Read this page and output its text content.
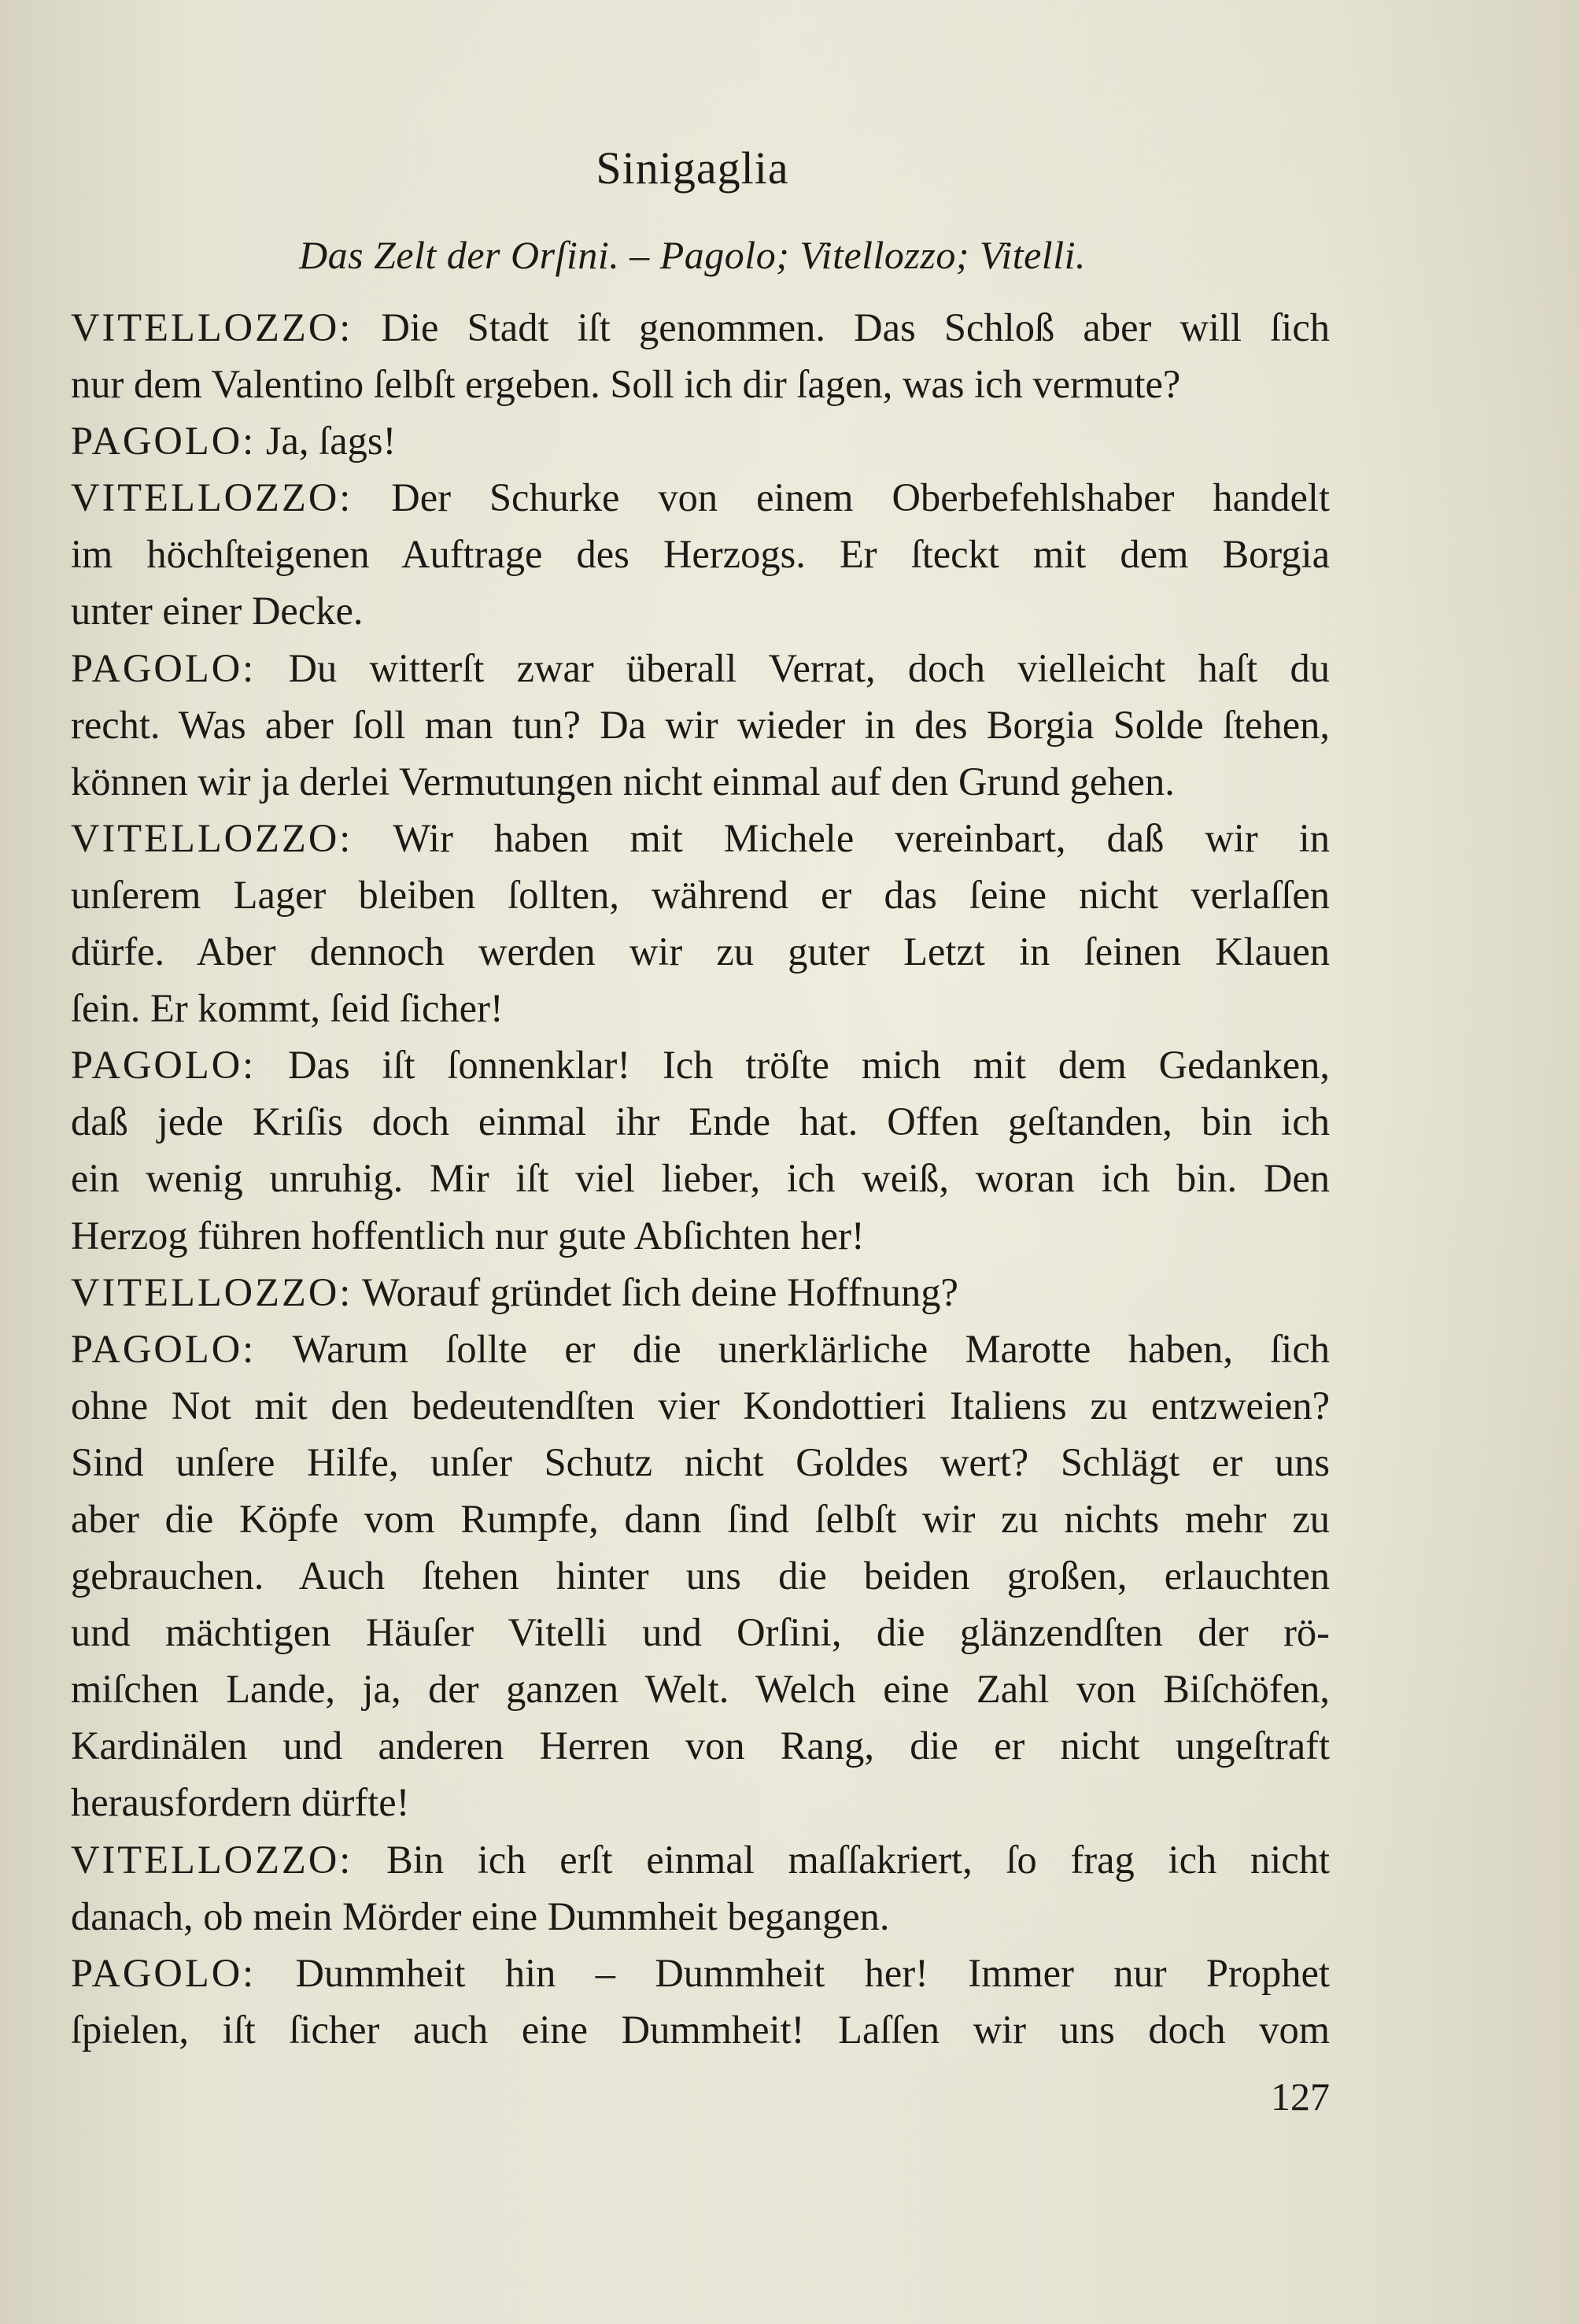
Sinigaglia
Das Zelt der Orſini. – Pagolo; Vitellozzo; Vitelli.
VITELLOZZO: Die Stadt iſt genommen. Das Schloß aber will ſich
nur dem Valentino ſelbſt ergeben. Soll ich dir ſagen, was ich vermute?
PAGOLO: Ja, ſags!
VITELLOZZO: Der Schurke von einem Oberbefehlshaber handelt
im höchſteigenen Auftrage des Herzogs. Er ſteckt mit dem Borgia
unter einer Decke.
PAGOLO: Du witterſt zwar überall Verrat, doch vielleicht haſt du
recht. Was aber ſoll man tun? Da wir wieder in des Borgia Solde ſtehen,
können wir ja derlei Vermutungen nicht einmal auf den Grund gehen.
VITELLOZZO: Wir haben mit Michele vereinbart, daß wir in
unſerem Lager bleiben ſollten, während er das ſeine nicht verlaſſen
dürfe. Aber dennoch werden wir zu guter Letzt in ſeinen Klauen
ſein. Er kommt, ſeid ſicher!
PAGOLO: Das iſt ſonnenklar! Ich tröſte mich mit dem Gedanken,
daß jede Kriſis doch einmal ihr Ende hat. Offen geſtanden, bin ich
ein wenig unruhig. Mir iſt viel lieber, ich weiß, woran ich bin. Den
Herzog führen hoffentlich nur gute Abſichten her!
VITELLOZZO: Worauf gründet ſich deine Hoffnung?
PAGOLO: Warum ſollte er die unerklärliche Marotte haben, ſich
ohne Not mit den bedeutendſten vier Kondottieri Italiens zu entzweien?
Sind unſere Hilfe, unſer Schutz nicht Goldes wert? Schlägt er uns
aber die Köpfe vom Rumpfe, dann ſind ſelbſt wir zu nichts mehr zu
gebrauchen. Auch ſtehen hinter uns die beiden großen, erlauchten
und mächtigen Häuſer Vitelli und Orſini, die glänzendſten der rö-
miſchen Lande, ja, der ganzen Welt. Welch eine Zahl von Biſchöfen,
Kardinälen und anderen Herren von Rang, die er nicht ungeſtraft
herausfordern dürfte!
VITELLOZZO: Bin ich erſt einmal maſſakriert, ſo frag ich nicht
danach, ob mein Mörder eine Dummheit begangen.
PAGOLO: Dummheit hin – Dummheit her! Immer nur Prophet
ſpielen, iſt ſicher auch eine Dummheit! Laſſen wir uns doch vom
127
